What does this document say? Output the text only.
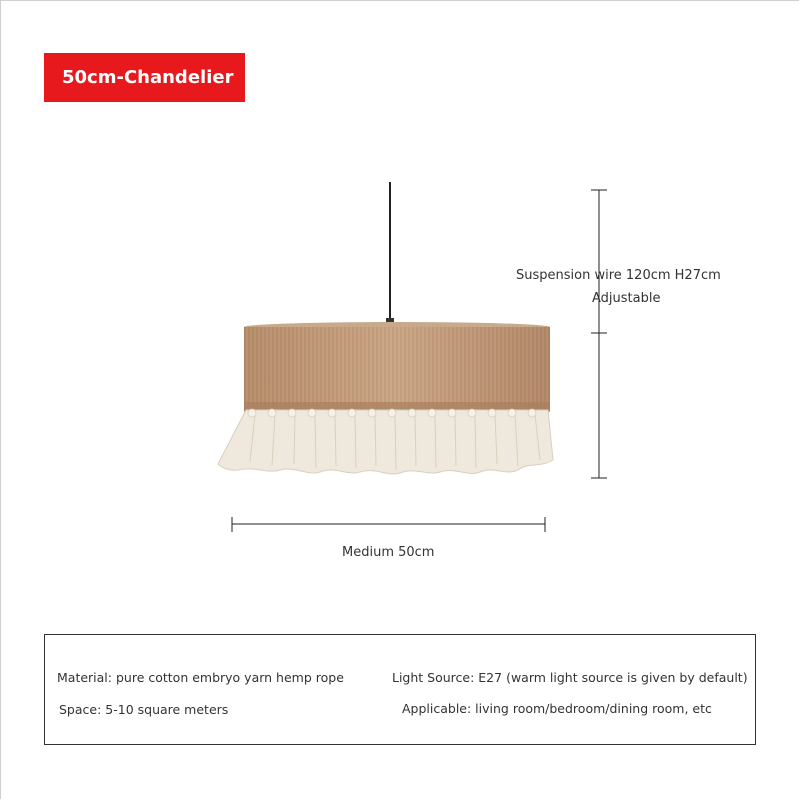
50cm-Chandelier
Suspension wire 120cm H27cm
Adjustable
Medium 50cm
Material: pure cotton embryo yarn hemp rope	Light Source: E27 (warm light source is given by default)
Space: 5-10 square meters	Applicable: living room/bedroom/dining room, etc
